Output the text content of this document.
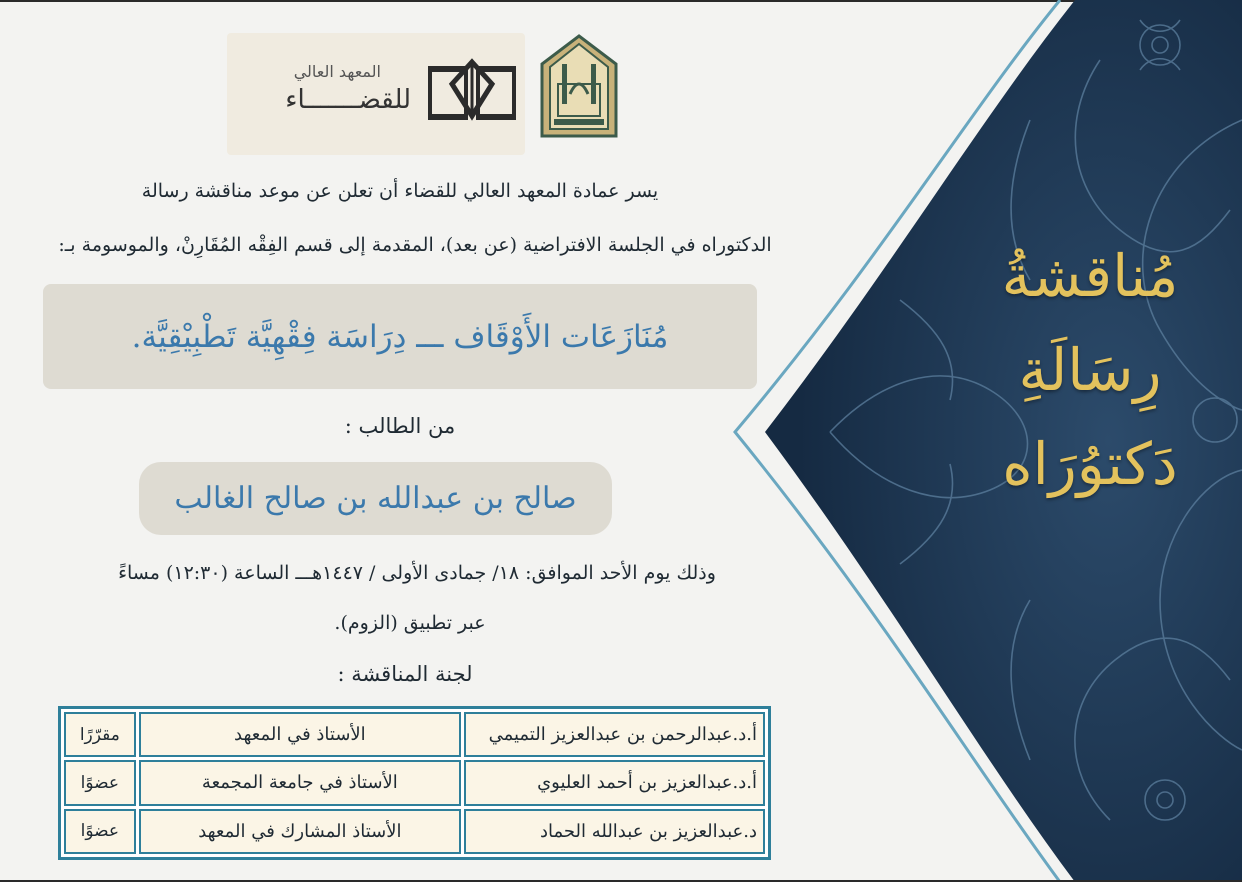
مُناقشةُ
رِسَالَةِ
دَكتوُرَاه
المعهد العالي
للقضـــــــاء
يسر عمادة المعهد العالي للقضاء أن تعلن عن موعد مناقشة رسالة
الدكتوراه في الجلسة الافتراضية (عن بعد)، المقدمة إلى قسم الفِقْه المُقَارِنْ، والموسومة بـ:
مُنَازَعَات الأَوْقَاف ـــ دِرَاسَة فِقْهِيَّة تَطْبِيْقِيَّة.
من الطالب :
صالح بن عبدالله بن صالح الغالب
وذلك يوم الأحد الموافق: ١٨/ جمادى الأولى / ١٤٤٧هـــ الساعة (١٢:٣٠) مساءً
عبر تطبيق (الزوم).
لجنة المناقشة :
أ.د.عبدالرحمن بن عبدالعزيز التميمي	الأستاذ في المعهد	مقرّرًا
أ.د.عبدالعزيز بن أحمد العليوي	الأستاذ في جامعة المجمعة	عضوًا
د.عبدالعزيز بن عبدالله الحماد	الأستاذ المشارك في المعهد	عضوًا
